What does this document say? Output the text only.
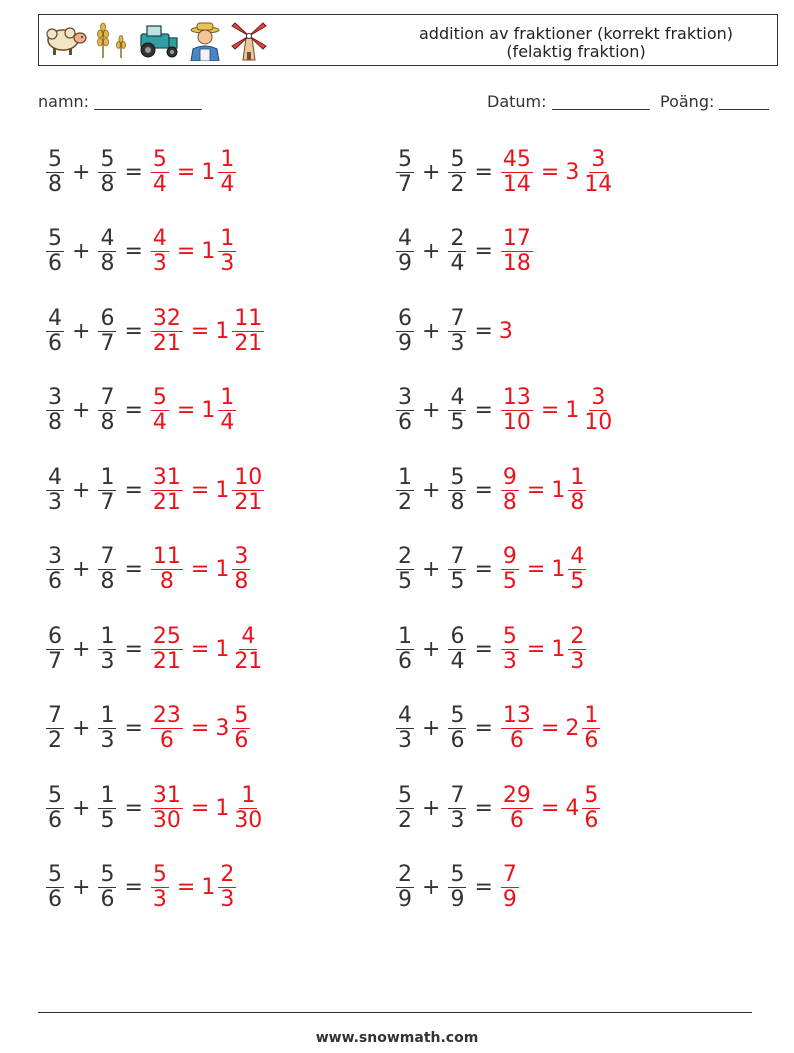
addition av fraktioner (korrekt fraktion)
(felaktig fraktion)
namn:	Datum:	Poäng:
$\frac{5}{8} + \frac{5}{8} = \frac{5}{4} = 1 \frac{1}{4}$	$\frac{5}{7} + \frac{5}{2} = \frac{45}{14} = 3 \frac{3}{14}$
$\frac{5}{6} + \frac{4}{8} = \frac{4}{3} = 1 \frac{1}{3}$	$\frac{4}{9} + \frac{2}{4} = \frac{17}{18}$
$\frac{4}{6} + \frac{6}{7} = \frac{32}{21} = 1 \frac{11}{21}$	$\frac{6}{9} + \frac{7}{3} = 3$
$\frac{3}{8} + \frac{7}{8} = \frac{5}{4} = 1 \frac{1}{4}$	$\frac{3}{6} + \frac{4}{5} = \frac{13}{10} = 1 \frac{3}{10}$
$\frac{4}{3} + \frac{1}{7} = \frac{31}{21} = 1 \frac{10}{21}$	$\frac{1}{2} + \frac{5}{8} = \frac{9}{8} = 1 \frac{1}{8}$
$\frac{3}{6} + \frac{7}{8} = \frac{11}{8} = 1 \frac{3}{8}$	$\frac{2}{5} + \frac{7}{5} = \frac{9}{5} = 1 \frac{4}{5}$
$\frac{6}{7} + \frac{1}{3} = \frac{25}{21} = 1 \frac{4}{21}$	$\frac{1}{6} + \frac{6}{4} = \frac{5}{3} = 1 \frac{2}{3}$
$\frac{7}{2} + \frac{1}{3} = \frac{23}{6} = 3 \frac{5}{6}$	$\frac{4}{3} + \frac{5}{6} = \frac{13}{6} = 2 \frac{1}{6}$
$\frac{5}{6} + \frac{1}{5} = \frac{31}{30} = 1 \frac{1}{30}$	$\frac{5}{2} + \frac{7}{3} = \frac{29}{6} = 4 \frac{5}{6}$
$\frac{5}{6} + \frac{5}{6} = \frac{5}{3} = 1 \frac{2}{3}$	$\frac{2}{9} + \frac{5}{9} = \frac{7}{9}$
www.snowmath.com
